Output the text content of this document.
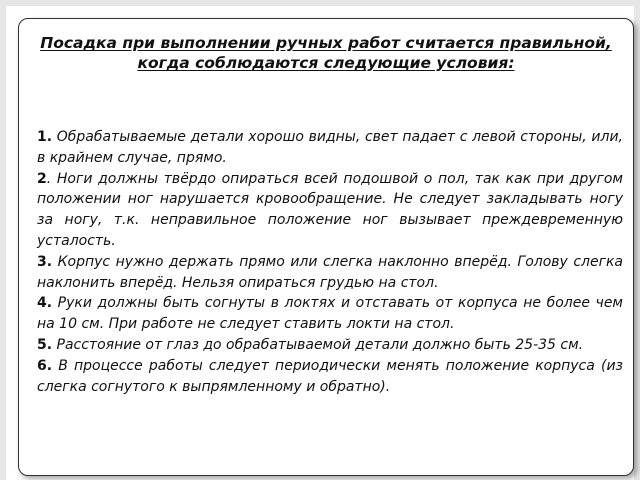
Посадка при выполнении ручных работ считается правильной, когда соблюдаются следующие условия:

1. Обрабатываемые детали хорошо видны, свет падает с левой стороны, или, в крайнем случае, прямо.

2. Ноги должны твёрдо опираться всей подошвой о пол, так как при другом положении ног нарушается кровообращение. Не следует закладывать ногу за ногу, т.к. неправильное положение ног вызывает преждевременную усталость.

3. Корпус нужно держать прямо или слегка наклонно вперёд. Голову слегка наклонить вперёд. Нельзя опираться грудью на стол.

4. Руки должны быть согнуты в локтях и отставать от корпуса не более чем на 10 см. При работе не следует ставить локти на стол.

5. Расстояние от глаз до обрабатываемой детали должно быть 25-35 см.

6. В процессе работы следует периодически менять положение корпуса (из слегка согнутого к выпрямленному и обратно).
